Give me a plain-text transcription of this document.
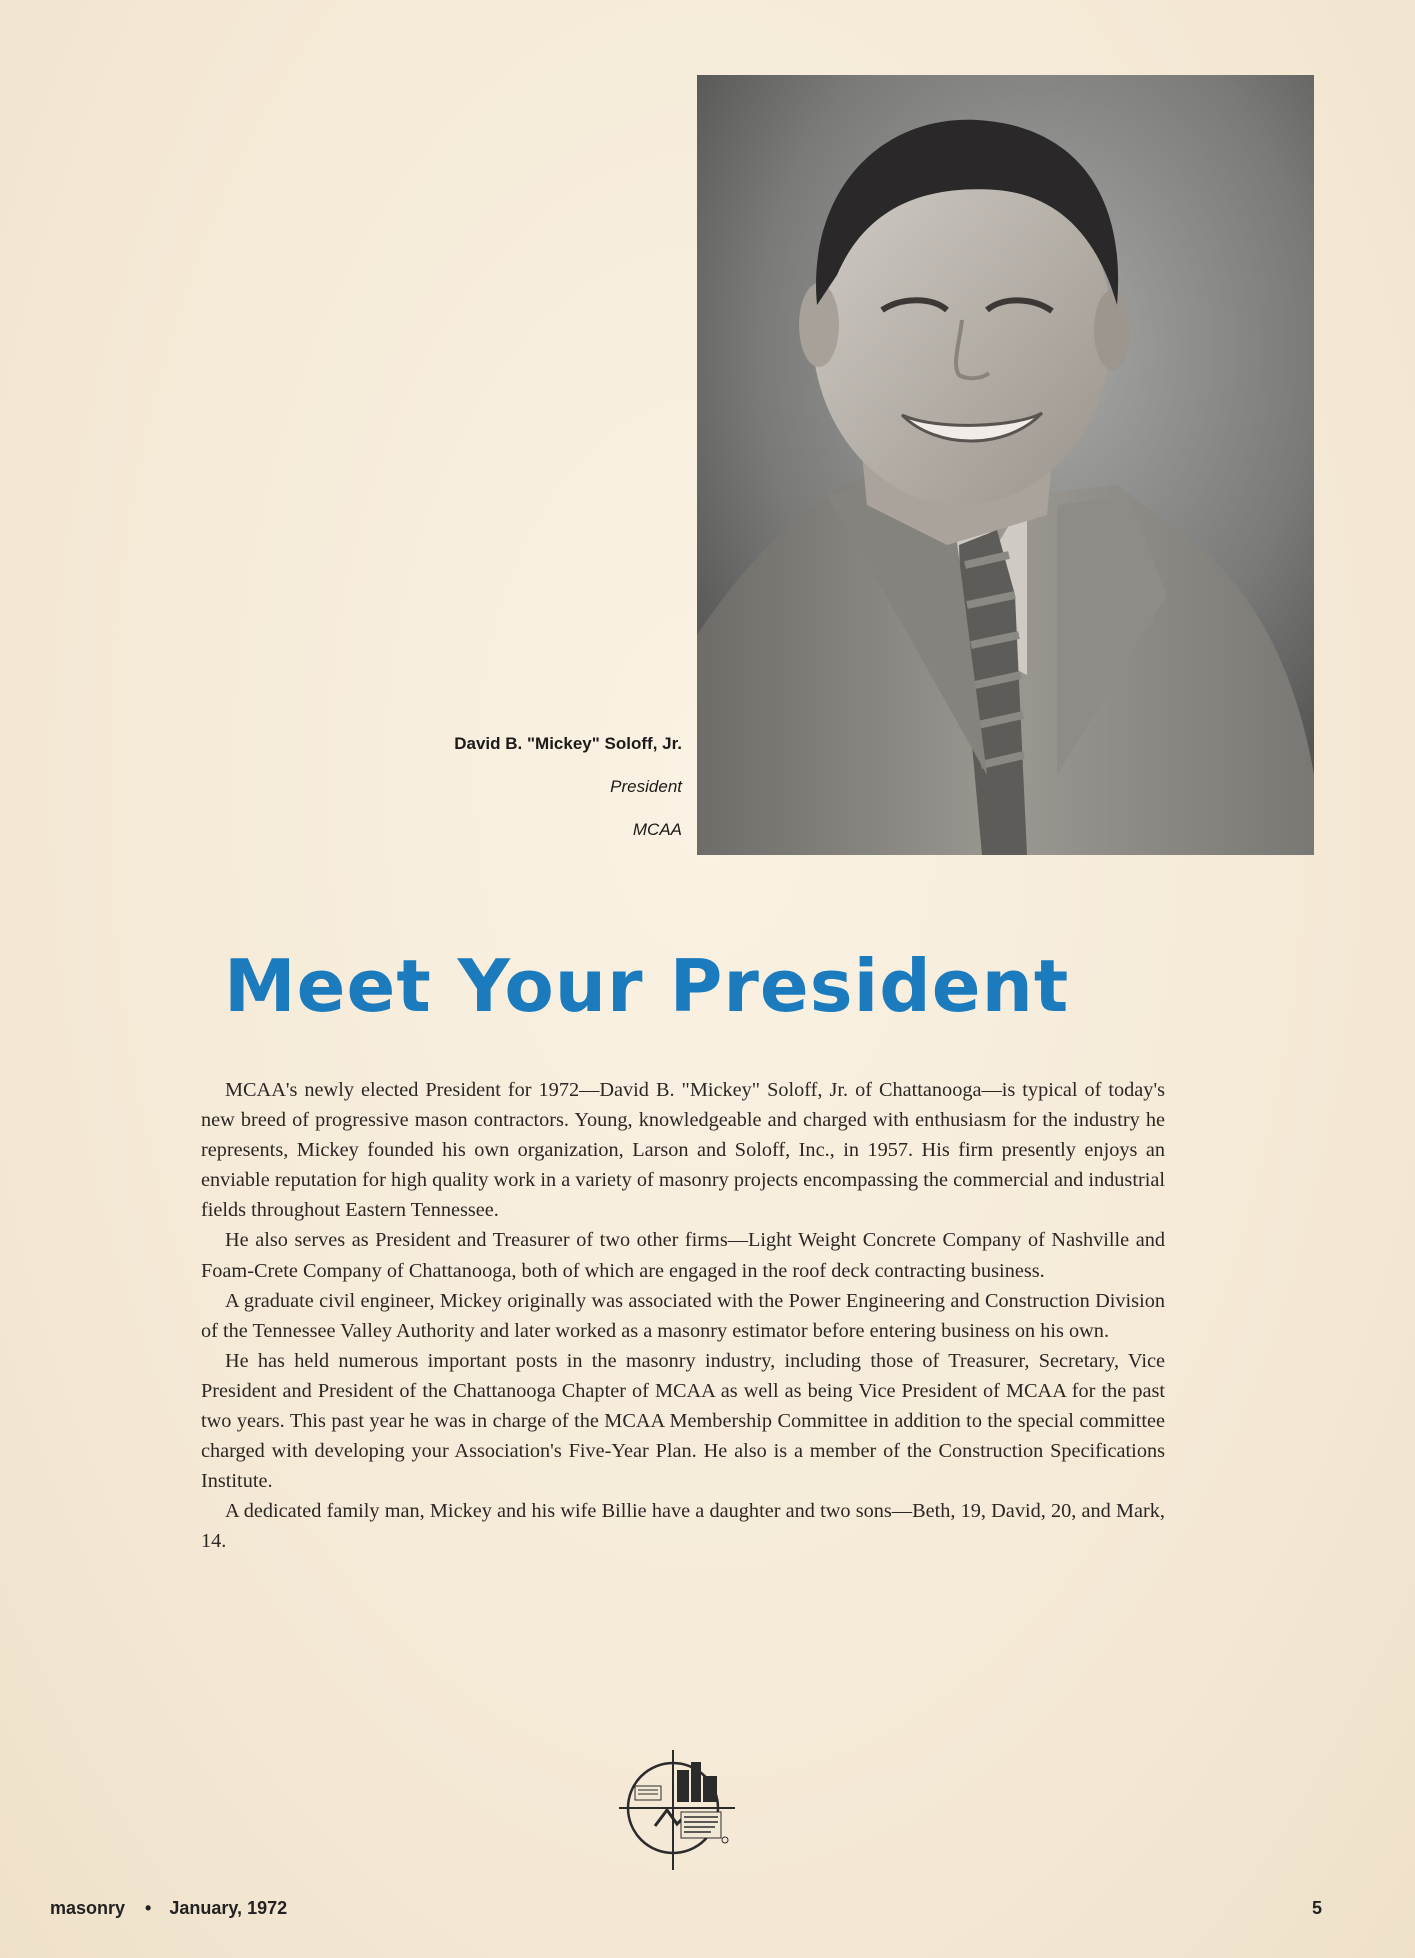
David B. "Mickey" Soloff, Jr.
President
MCAA
Meet Your President

MCAA's newly elected President for 1972—David B. "Mickey" Soloff, Jr. of Chattanooga—is typical of today's new breed of progressive mason contractors. Young, knowledgeable and charged with enthusiasm for the industry he represents, Mickey founded his own organization, Larson and Soloff, Inc., in 1957. His firm presently enjoys an enviable reputation for high quality work in a variety of masonry projects encompassing the commercial and industrial fields throughout Eastern Tennessee.

He also serves as President and Treasurer of two other firms—Light Weight Concrete Company of Nashville and Foam-Crete Company of Chattanooga, both of which are engaged in the roof deck contracting business.

A graduate civil engineer, Mickey originally was associated with the Power Engineering and Construction Division of the Tennessee Valley Authority and later worked as a masonry estimator before entering business on his own.

He has held numerous important posts in the masonry industry, including those of Treasurer, Secretary, Vice President and President of the Chattanooga Chapter of MCAA as well as being Vice President of MCAA for the past two years. This past year he was in charge of the MCAA Membership Committee in addition to the special committee charged with developing your Association's Five-Year Plan. He also is a member of the Construction Specifications Institute.

A dedicated family man, Mickey and his wife Billie have a daughter and two sons—Beth, 19, David, 20, and Mark, 14.

masonry • January, 1972	5
